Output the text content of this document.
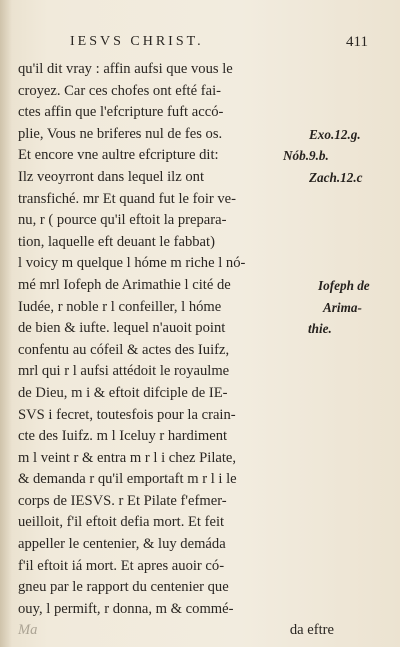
IESVS CHRIST.	411
qu'il dit vray : affin aufsi que vous le
croyez. Car ces chofes ont efté fai-
ctes affin que l'efcripture fuft accó-
plie, Vous ne briferes nul de fes os.	Exo.12.g.
Et encore vne aultre efcripture dit:	Nób.9.b.
Ilz veoyrront dans lequel ilz ont	Zach.12.c
transfiché. mr Et quand fut le foir ve-
nu, r ( pource qu'il eftoit la prepara-
tion, laquelle eft deuant le fabbat)
l voicy m quelque l hóme m riche l nó-
mé mrl Iofeph de Arimathie l cité de	Iofeph de
Iudée, r noble r l confeiller, l hóme	Arima-
de bien & iufte. lequel n'auoit point	thie.
confentu au cófeil & actes des Iuifz,
mrl qui r l aufsi attédoit le royaulme
de Dieu, m i & eftoit difciple de IE-
SVS i fecret, toutesfois pour la crain-
cte des Iuifz. m l Iceluy r hardiment
m l veint r & entra m r l i chez Pilate,
& demanda r qu'il emportaft m r l i le
corps de IESVS. r Et Pilate f'efmer-
ueilloit, f'il eftoit defia mort. Et feit
appeller le centenier, & luy demáda
f'il eftoit iá mort. Et apres auoir có-
gneu par le rapport du centenier que
ouy, l permift, r donna, m & commé-
Ma	da eftre
